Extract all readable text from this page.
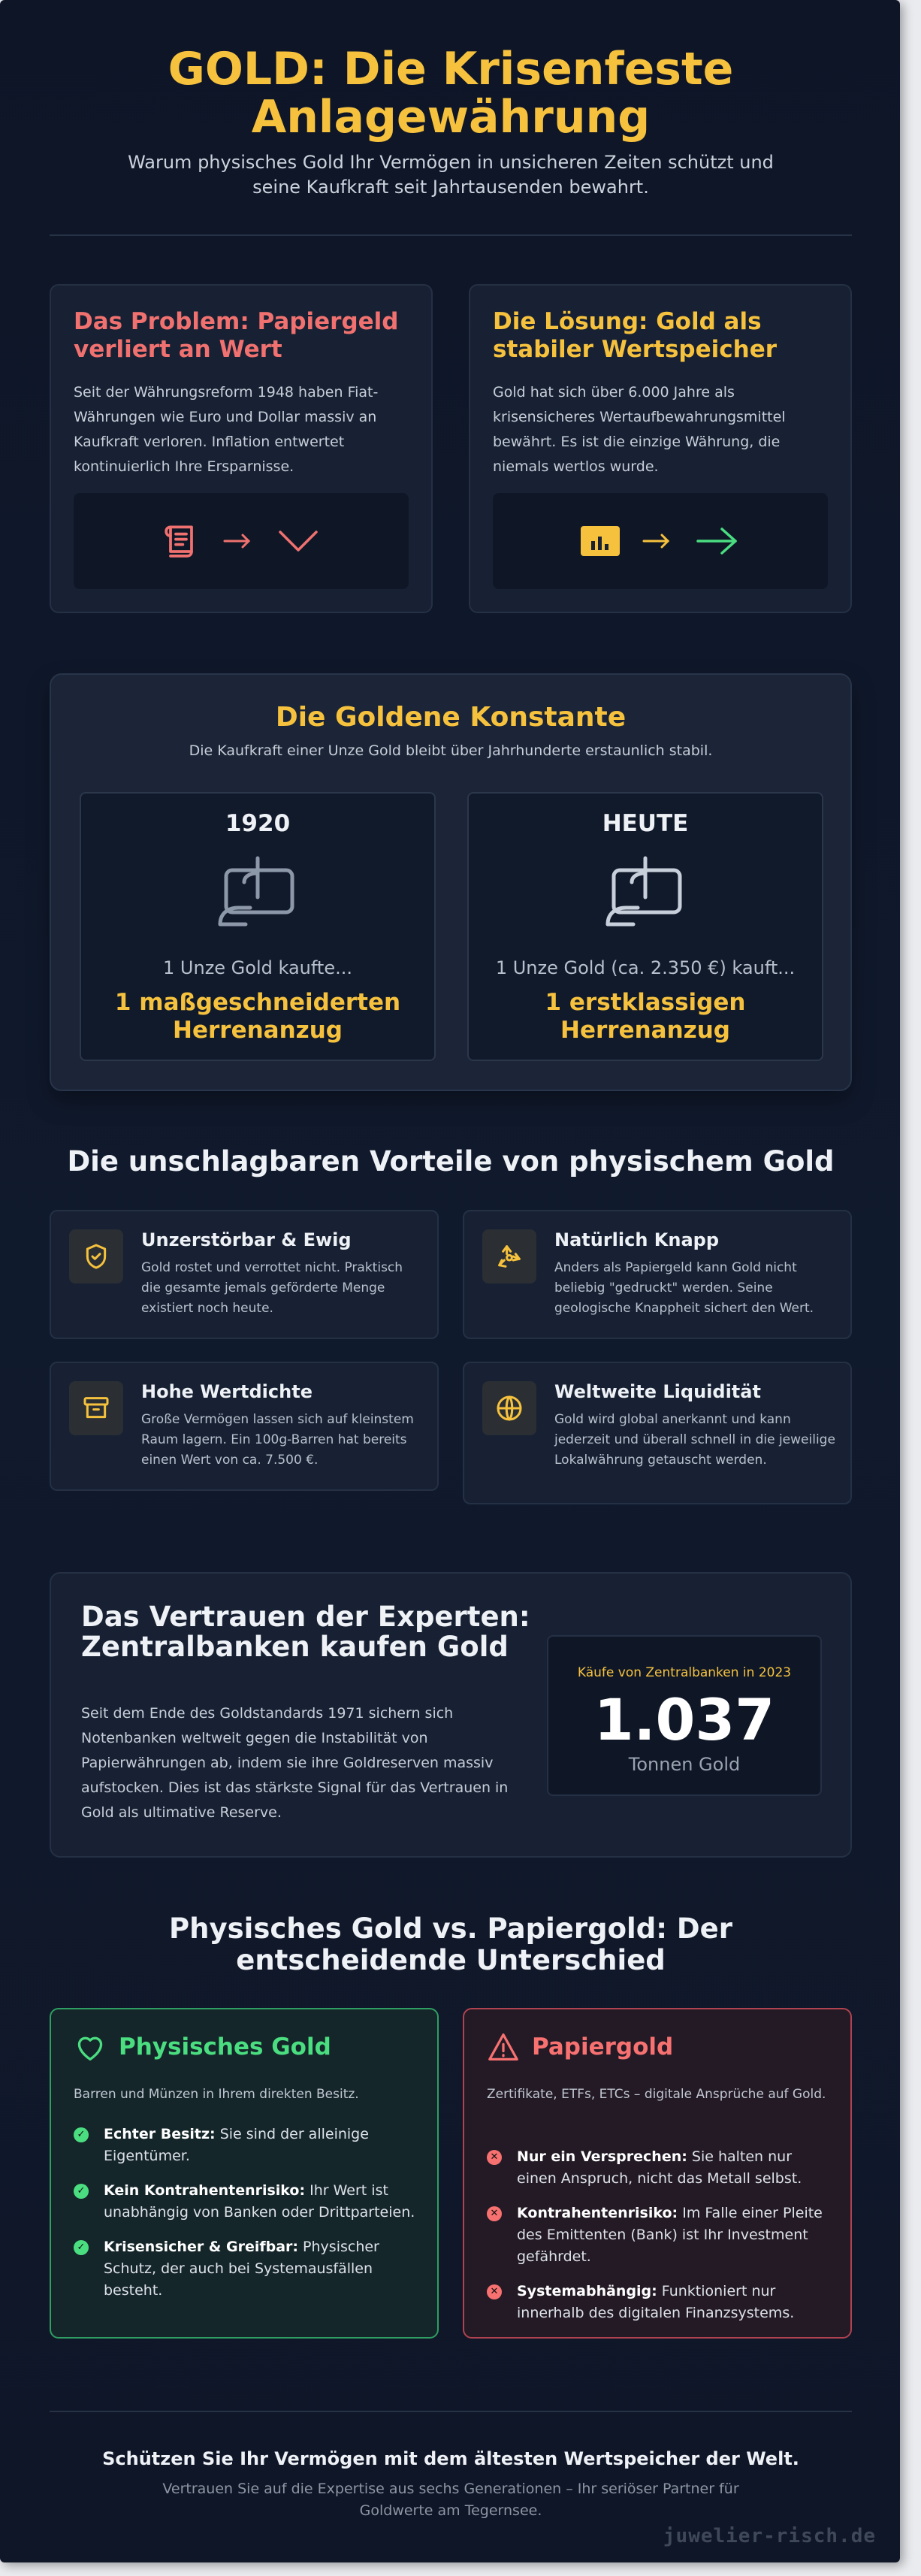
GOLD: Die Krisenfeste Anlagewährung
Warum physisches Gold Ihr Vermögen in unsicheren Zeiten schützt und seine Kaufkraft seit Jahrtausenden bewahrt.
Das Problem: Papiergeld verliert an Wert

Seit der Währungsreform 1948 haben Fiat-Währungen wie Euro und Dollar massiv an Kaufkraft verloren. Inflation entwertet kontinuierlich Ihre Ersparnisse.

Die Lösung: Gold als stabiler Wertspeicher

Gold hat sich über 6.000 Jahre als krisensicheres Wertaufbewahrungsmittel bewährt. Es ist die einzige Währung, die niemals wertlos wurde.

Die Goldene Konstante
Die Kaufkraft einer Unze Gold bleibt über Jahrhunderte erstaunlich stabil.
1920
1 Unze Gold kaufte...
1 maßgeschneiderten Herrenanzug
HEUTE
1 Unze Gold (ca. 2.350 €) kauft...
1 erstklassigen Herrenanzug
Die unschlagbaren Vorteile von physischem Gold
Unzerstörbar & Ewig

Gold rostet und verrottet nicht. Praktisch die gesamte jemals geförderte Menge existiert noch heute.

Natürlich Knapp

Anders als Papiergeld kann Gold nicht beliebig "gedruckt" werden. Seine geologische Knappheit sichert den Wert.

Hohe Wertdichte

Große Vermögen lassen sich auf kleinstem Raum lagern. Ein 100g-Barren hat bereits einen Wert von ca. 7.500 €.

Weltweite Liquidität

Gold wird global anerkannt und kann jederzeit und überall schnell in die jeweilige Lokalwährung getauscht werden.

Das Vertrauen der Experten: Zentralbanken kaufen Gold

Seit dem Ende des Goldstandards 1971 sichern sich Notenbanken weltweit gegen die Instabilität von Papierwährungen ab, indem sie ihre Goldreserven massiv aufstocken. Dies ist das stärkste Signal für das Vertrauen in Gold als ultimative Reserve.

Käufe von Zentralbanken in 2023
1.037
Tonnen Gold
Physisches Gold vs. Papiergold: Der entscheidende Unterschied
Physisches Gold
Barren und Münzen in Ihrem direkten Besitz.
✓ Echter Besitz: Sie sind der alleinige Eigentümer.
✓ Kein Kontrahentenrisiko: Ihr Wert ist unabhängig von Banken oder Drittparteien.
✓ Krisensicher & Greifbar: Physischer Schutz, der auch bei Systemausfällen besteht.
Papiergold
Zertifikate, ETFs, ETCs – digitale Ansprüche auf Gold.
✕ Nur ein Versprechen: Sie halten nur einen Anspruch, nicht das Metall selbst.
✕ Kontrahentenrisiko: Im Falle einer Pleite des Emittenten (Bank) ist Ihr Investment gefährdet.
✕ Systemabhängig: Funktioniert nur innerhalb des digitalen Finanzsystems.
Schützen Sie Ihr Vermögen mit dem ältesten Wertspeicher der Welt.
Vertrauen Sie auf die Expertise aus sechs Generationen – Ihr seriöser Partner für Goldwerte am Tegernsee.
juwelier-risch.de
